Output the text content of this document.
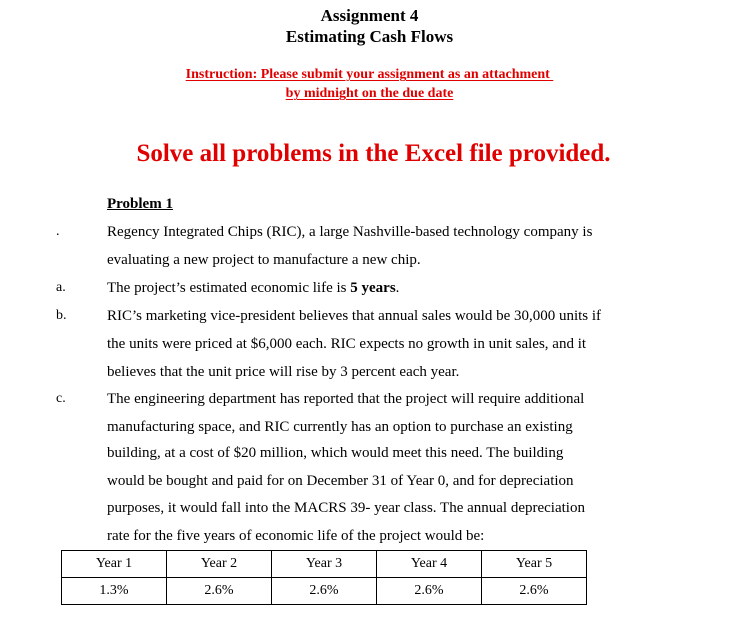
Assignment 4
Estimating Cash Flows
Instruction: Please submit your assignment as an attachment
by midnight on the due date
Solve all problems in the Excel file provided.
Problem 1
.	Regency Integrated Chips (RIC), a large Nashville-based technology company is
evaluating a new project to manufacture a new chip.
a.	The project’s estimated economic life is 5 years.
b.	RIC’s marketing vice-president believes that annual sales would be 30,000 units if
the units were priced at $6,000 each. RIC expects no growth in unit sales, and it
believes that the unit price will rise by 3 percent each year.
c.	The engineering department has reported that the project will require additional
manufacturing space, and RIC currently has an option to purchase an existing
building, at a cost of $20 million, which would meet this need. The building
would be bought and paid for on December 31 of Year 0, and for depreciation
purposes, it would fall into the MACRS 39- year class. The annual depreciation
rate for the five years of economic life of the project would be:
Year 1	Year 2	Year 3	Year 4	Year 5
1.3%	2.6%	2.6%	2.6%	2.6%
